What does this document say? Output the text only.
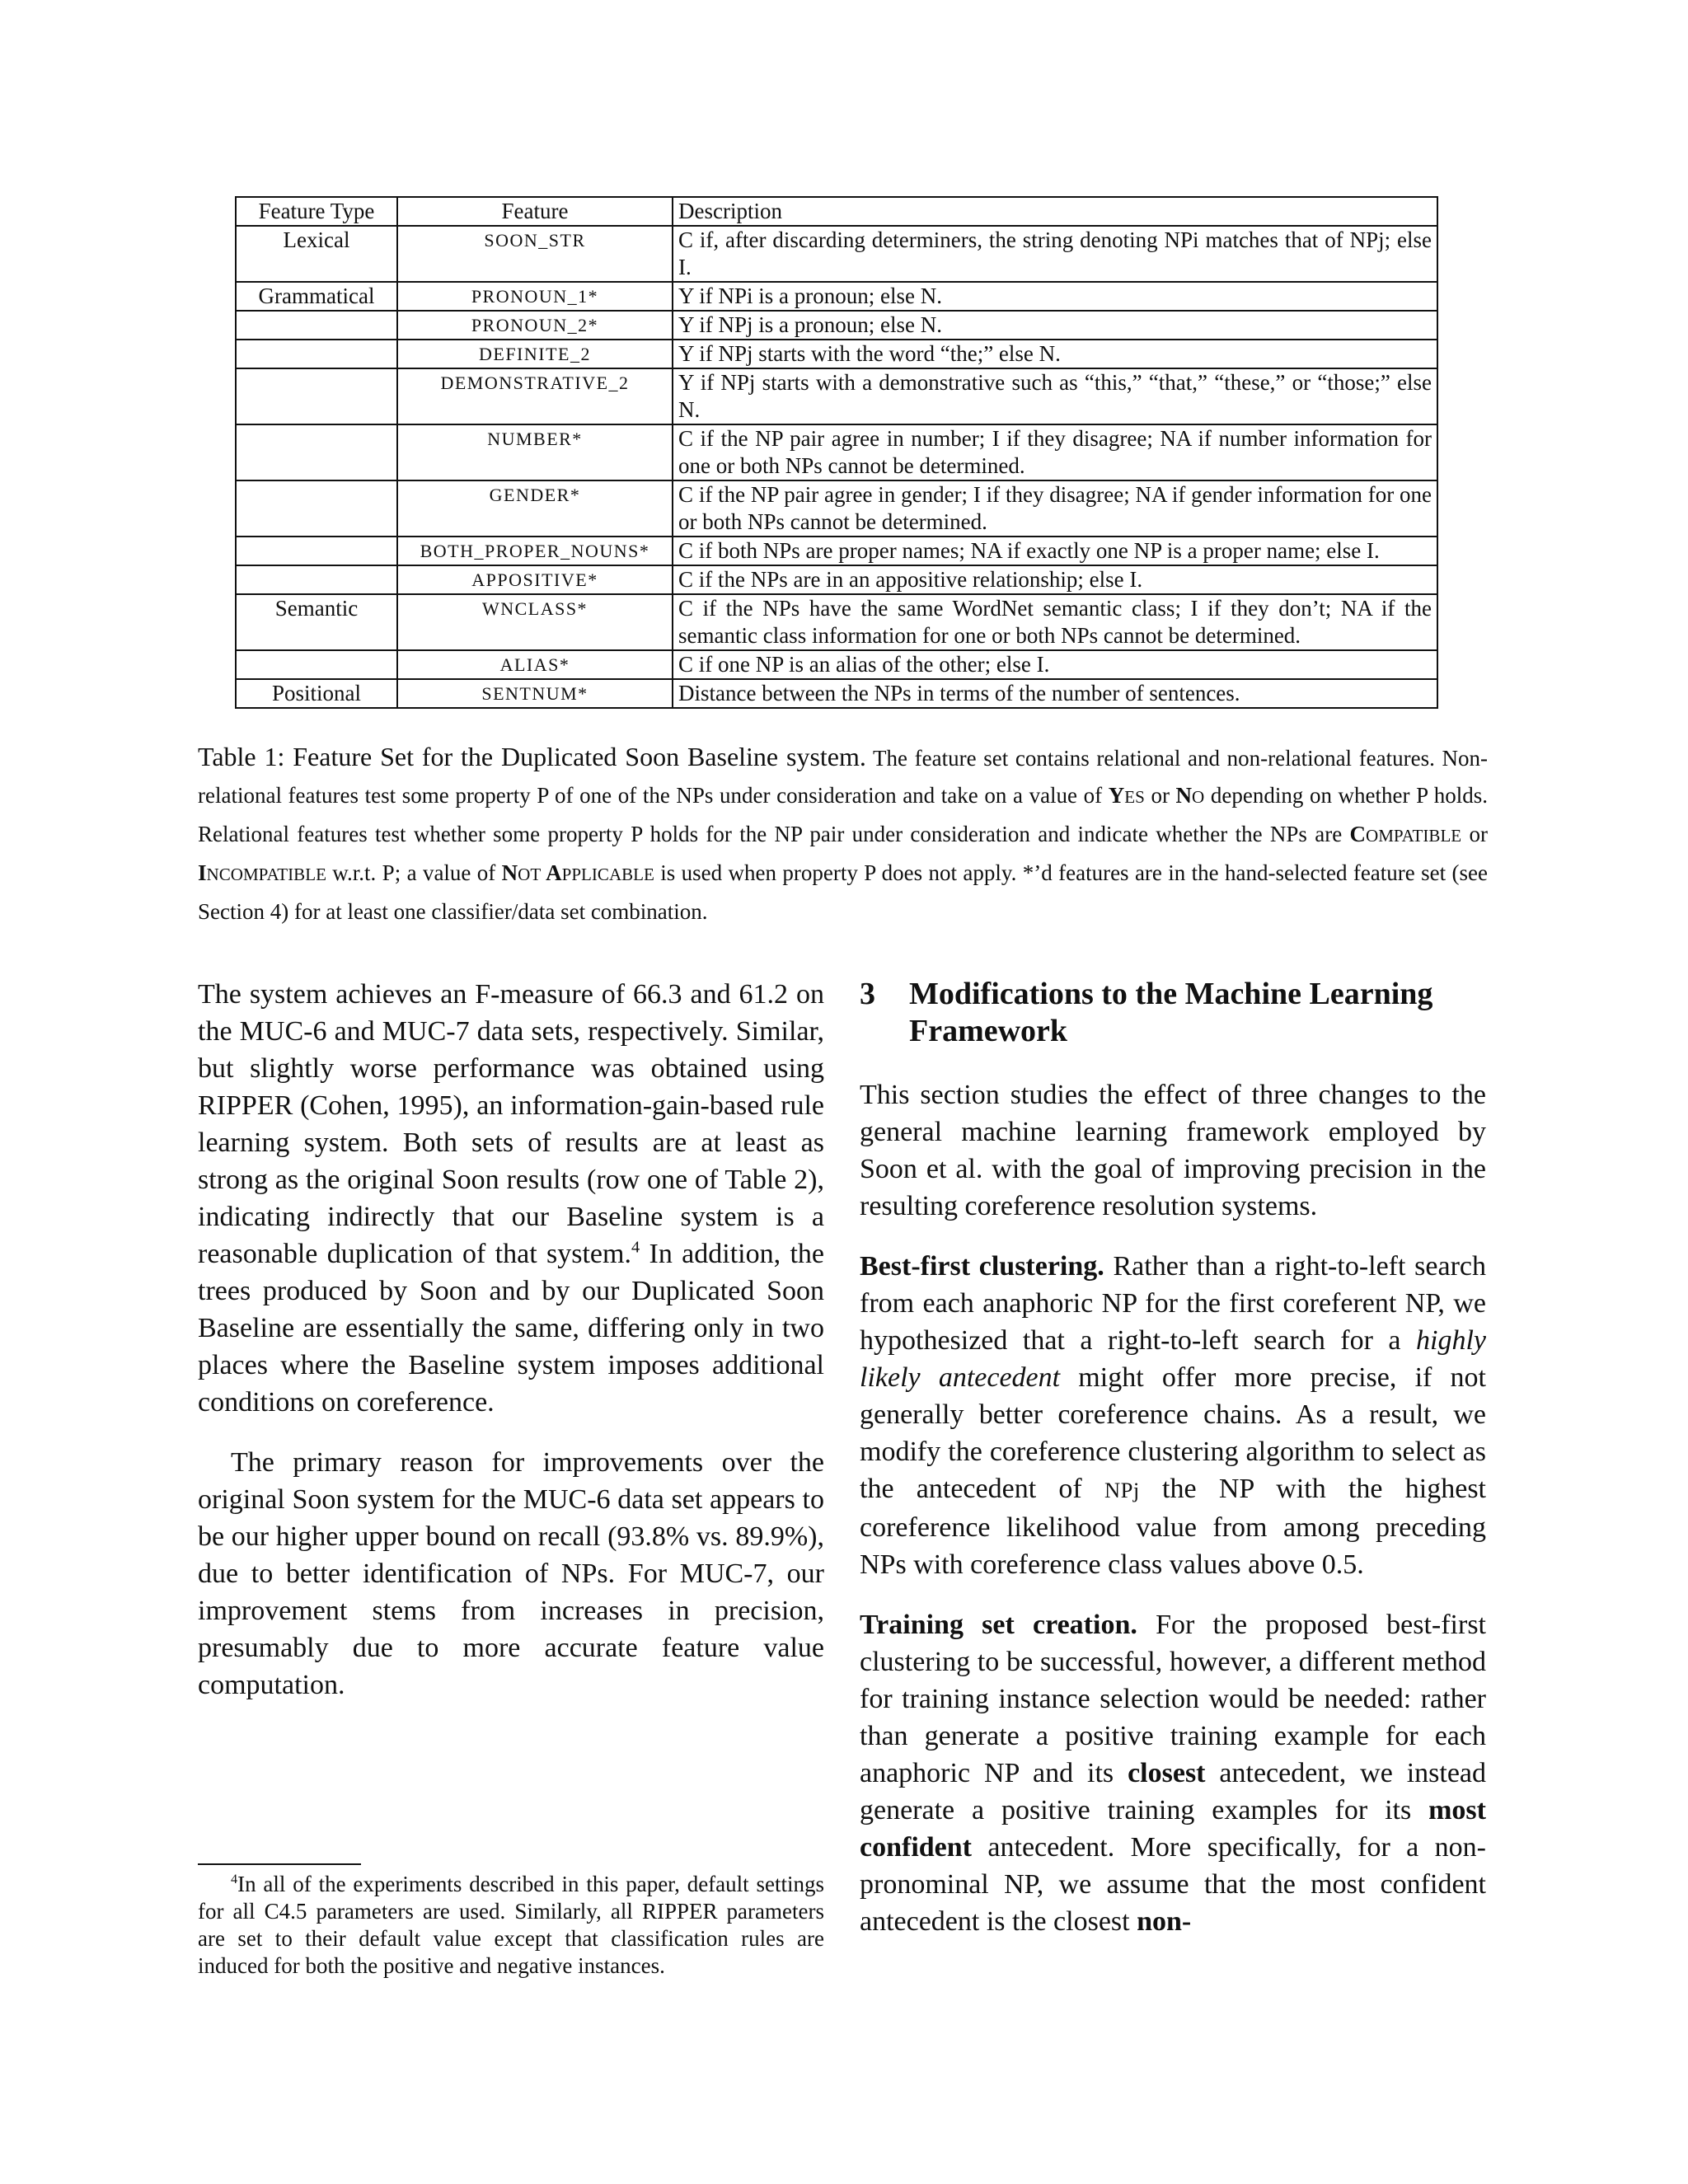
Feature Type	Feature	Description
Lexical	SOON_STR	C if, after discarding determiners, the string denoting NPi matches that of NPj; else I.
Grammatical	PRONOUN_1*	Y if NPi is a pronoun; else N.
	PRONOUN_2*	Y if NPj is a pronoun; else N.
	DEFINITE_2	Y if NPj starts with the word “the;” else N.
	DEMONSTRATIVE_2	Y if NPj starts with a demonstrative such as “this,” “that,” “these,” or “those;” else N.
	NUMBER*	C if the NP pair agree in number; I if they disagree; NA if number information for one or both NPs cannot be determined.
	GENDER*	C if the NP pair agree in gender; I if they disagree; NA if gender information for one or both NPs cannot be determined.
	BOTH_PROPER_NOUNS*	C if both NPs are proper names; NA if exactly one NP is a proper name; else I.
	APPOSITIVE*	C if the NPs are in an appositive relationship; else I.
Semantic	WNCLASS*	C if the NPs have the same WordNet semantic class; I if they don’t; NA if the semantic class information for one or both NPs cannot be determined.
	ALIAS*	C if one NP is an alias of the other; else I.
Positional	SENTNUM*	Distance between the NPs in terms of the number of sentences.
Table 1: Feature Set for the Duplicated Soon Baseline system. The feature set contains relational and non-relational features. Non-relational features test some property P of one of the NPs under consideration and take on a value of YES or NO depending on whether P holds. Relational features test whether some property P holds for the NP pair under consideration and indicate whether the NPs are COMPATIBLE or INCOMPATIBLE w.r.t. P; a value of NOT APPLICABLE is used when property P does not apply. *’d features are in the hand-selected feature set (see Section 4) for at least one classifier/data set combination.

The system achieves an F-measure of 66.3 and 61.2 on the MUC-6 and MUC-7 data sets, respectively. Similar, but slightly worse performance was obtained using RIPPER (Cohen, 1995), an information-gain-based rule learning system. Both sets of results are at least as strong as the original Soon results (row one of Table 2), indicating indirectly that our Baseline system is a reasonable duplication of that system.$^4$ In addition, the trees produced by Soon and by our Duplicated Soon Baseline are essentially the same, differing only in two places where the Baseline system imposes additional conditions on coreference.

The primary reason for improvements over the original Soon system for the MUC-6 data set appears to be our higher upper bound on recall (93.8% vs. 89.9%), due to better identification of NPs. For MUC-7, our improvement stems from increases in precision, presumably due to more accurate feature value computation.

$^4$In all of the experiments described in this paper, default settings for all C4.5 parameters are used. Similarly, all RIPPER parameters are set to their default value except that classification rules are induced for both the positive and negative instances.
3	Modifications to the Machine Learning Framework

This section studies the effect of three changes to the general machine learning framework employed by Soon et al. with the goal of improving precision in the resulting coreference resolution systems.

Best-first clustering. Rather than a right-to-left search from each anaphoric NP for the first coreferent NP, we hypothesized that a right-to-left search for a highly likely antecedent might offer more precise, if not generally better coreference chains. As a result, we modify the coreference clustering algorithm to select as the antecedent of NPj the NP with the highest coreference likelihood value from among preceding NPs with coreference class values above 0.5.

Training set creation. For the proposed best-first clustering to be successful, however, a different method for training instance selection would be needed: rather than generate a positive training example for each anaphoric NP and its closest antecedent, we instead generate a positive training examples for its most confident antecedent. More specifically, for a non-pronominal NP, we assume that the most confident antecedent is the closest non-
